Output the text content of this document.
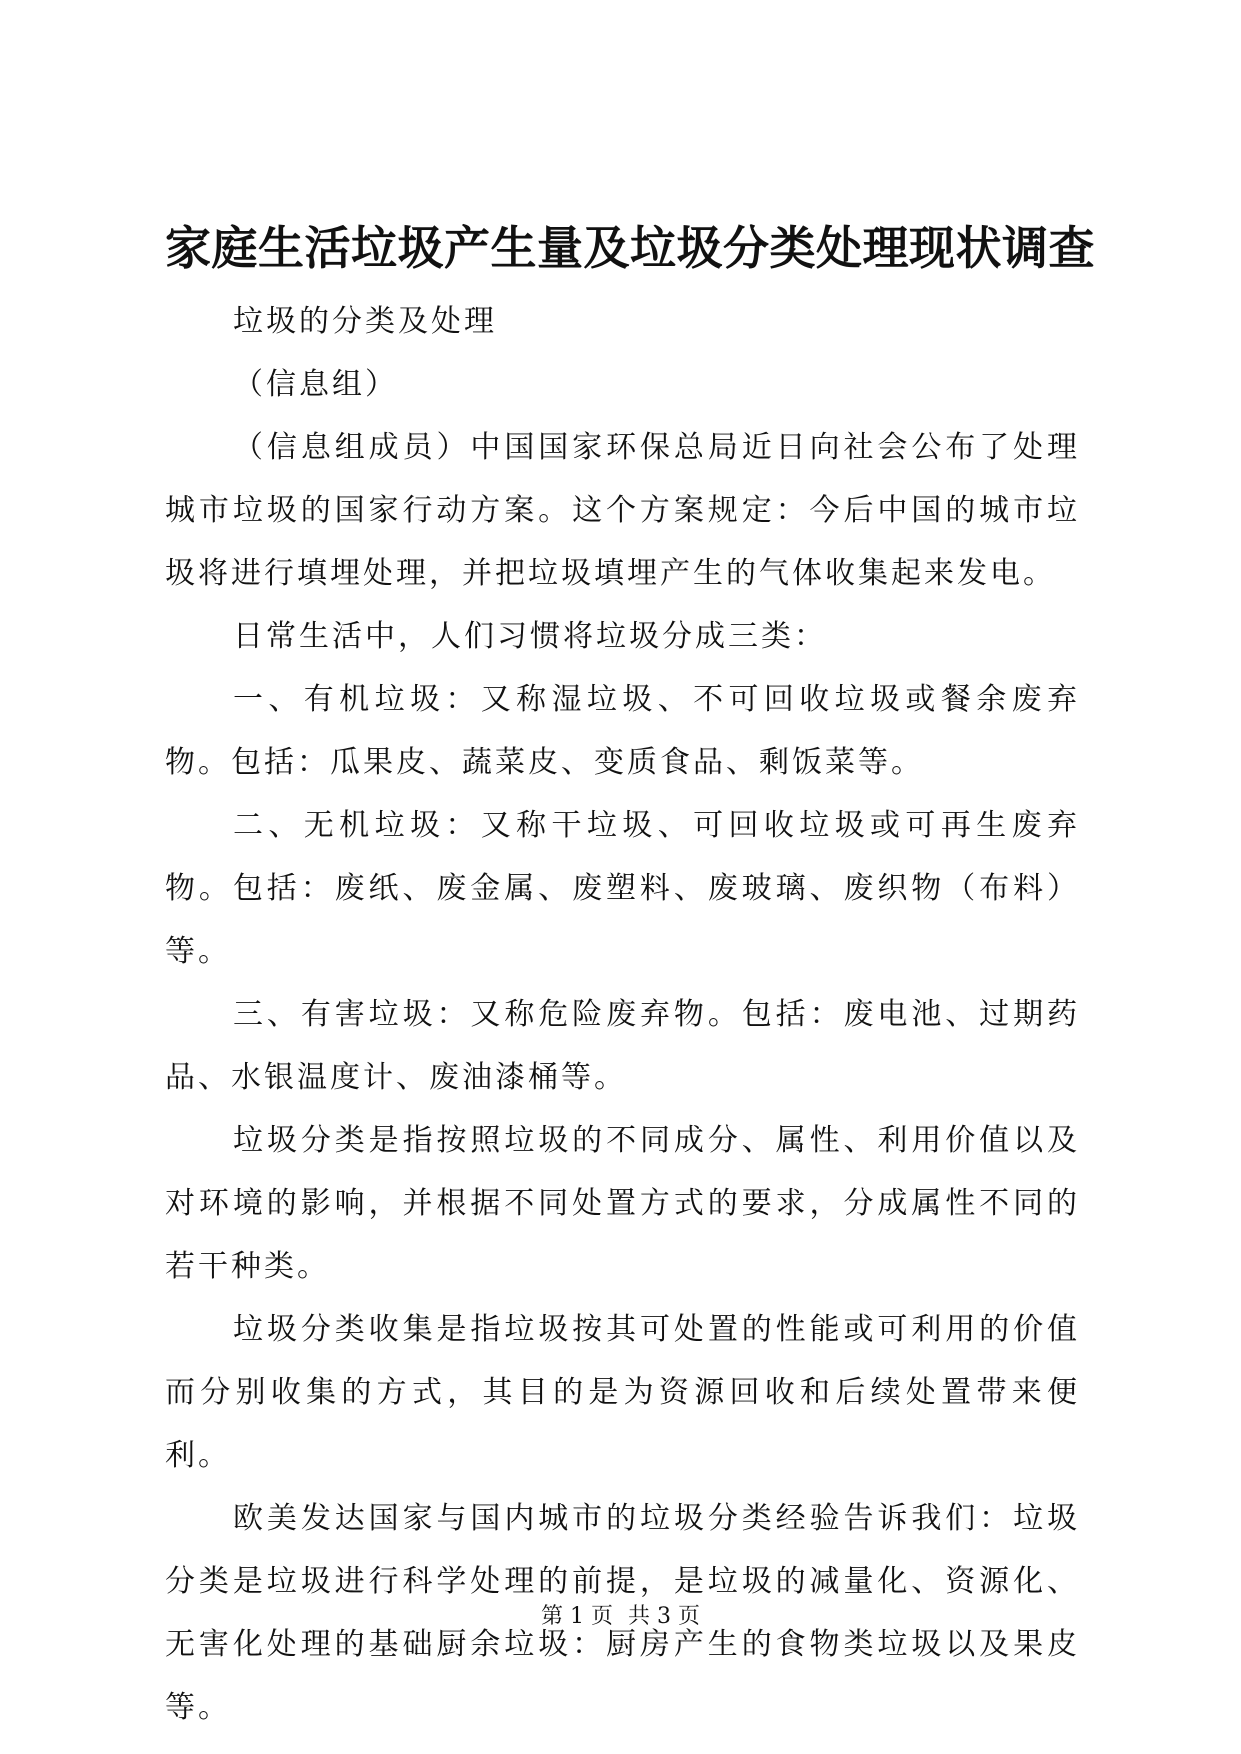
家庭生活垃圾产生量及垃圾分类处理现状调查

垃圾的分类及处理

（信息组）

（信息组成员）中国国家环保总局近日向社会公布了处理城市垃圾的国家行动方案。这个方案规定：今后中国的城市垃圾将进行填埋处理，并把垃圾填埋产生的气体收集起来发电。

日常生活中，人们习惯将垃圾分成三类：

一、有机垃圾：又称湿垃圾、不可回收垃圾或餐余废弃物。包括：瓜果皮、蔬菜皮、变质食品、剩饭菜等。

二、无机垃圾：又称干垃圾、可回收垃圾或可再生废弃物。包括：废纸、废金属、废塑料、废玻璃、废织物（布料）等。

三、有害垃圾：又称危险废弃物。包括：废电池、过期药品、水银温度计、废油漆桶等。

垃圾分类是指按照垃圾的不同成分、属性、利用价值以及对环境的影响，并根据不同处置方式的要求，分成属性不同的若干种类。

垃圾分类收集是指垃圾按其可处置的性能或可利用的价值而分别收集的方式，其目的是为资源回收和后续处置带来便利。

欧美发达国家与国内城市的垃圾分类经验告诉我们：垃圾分类是垃圾进行科学处理的前提，是垃圾的减量化、资源化、无害化处理的基础厨余垃圾：厨房产生的食物类垃圾以及果皮等。

第 1 页 共 3 页
